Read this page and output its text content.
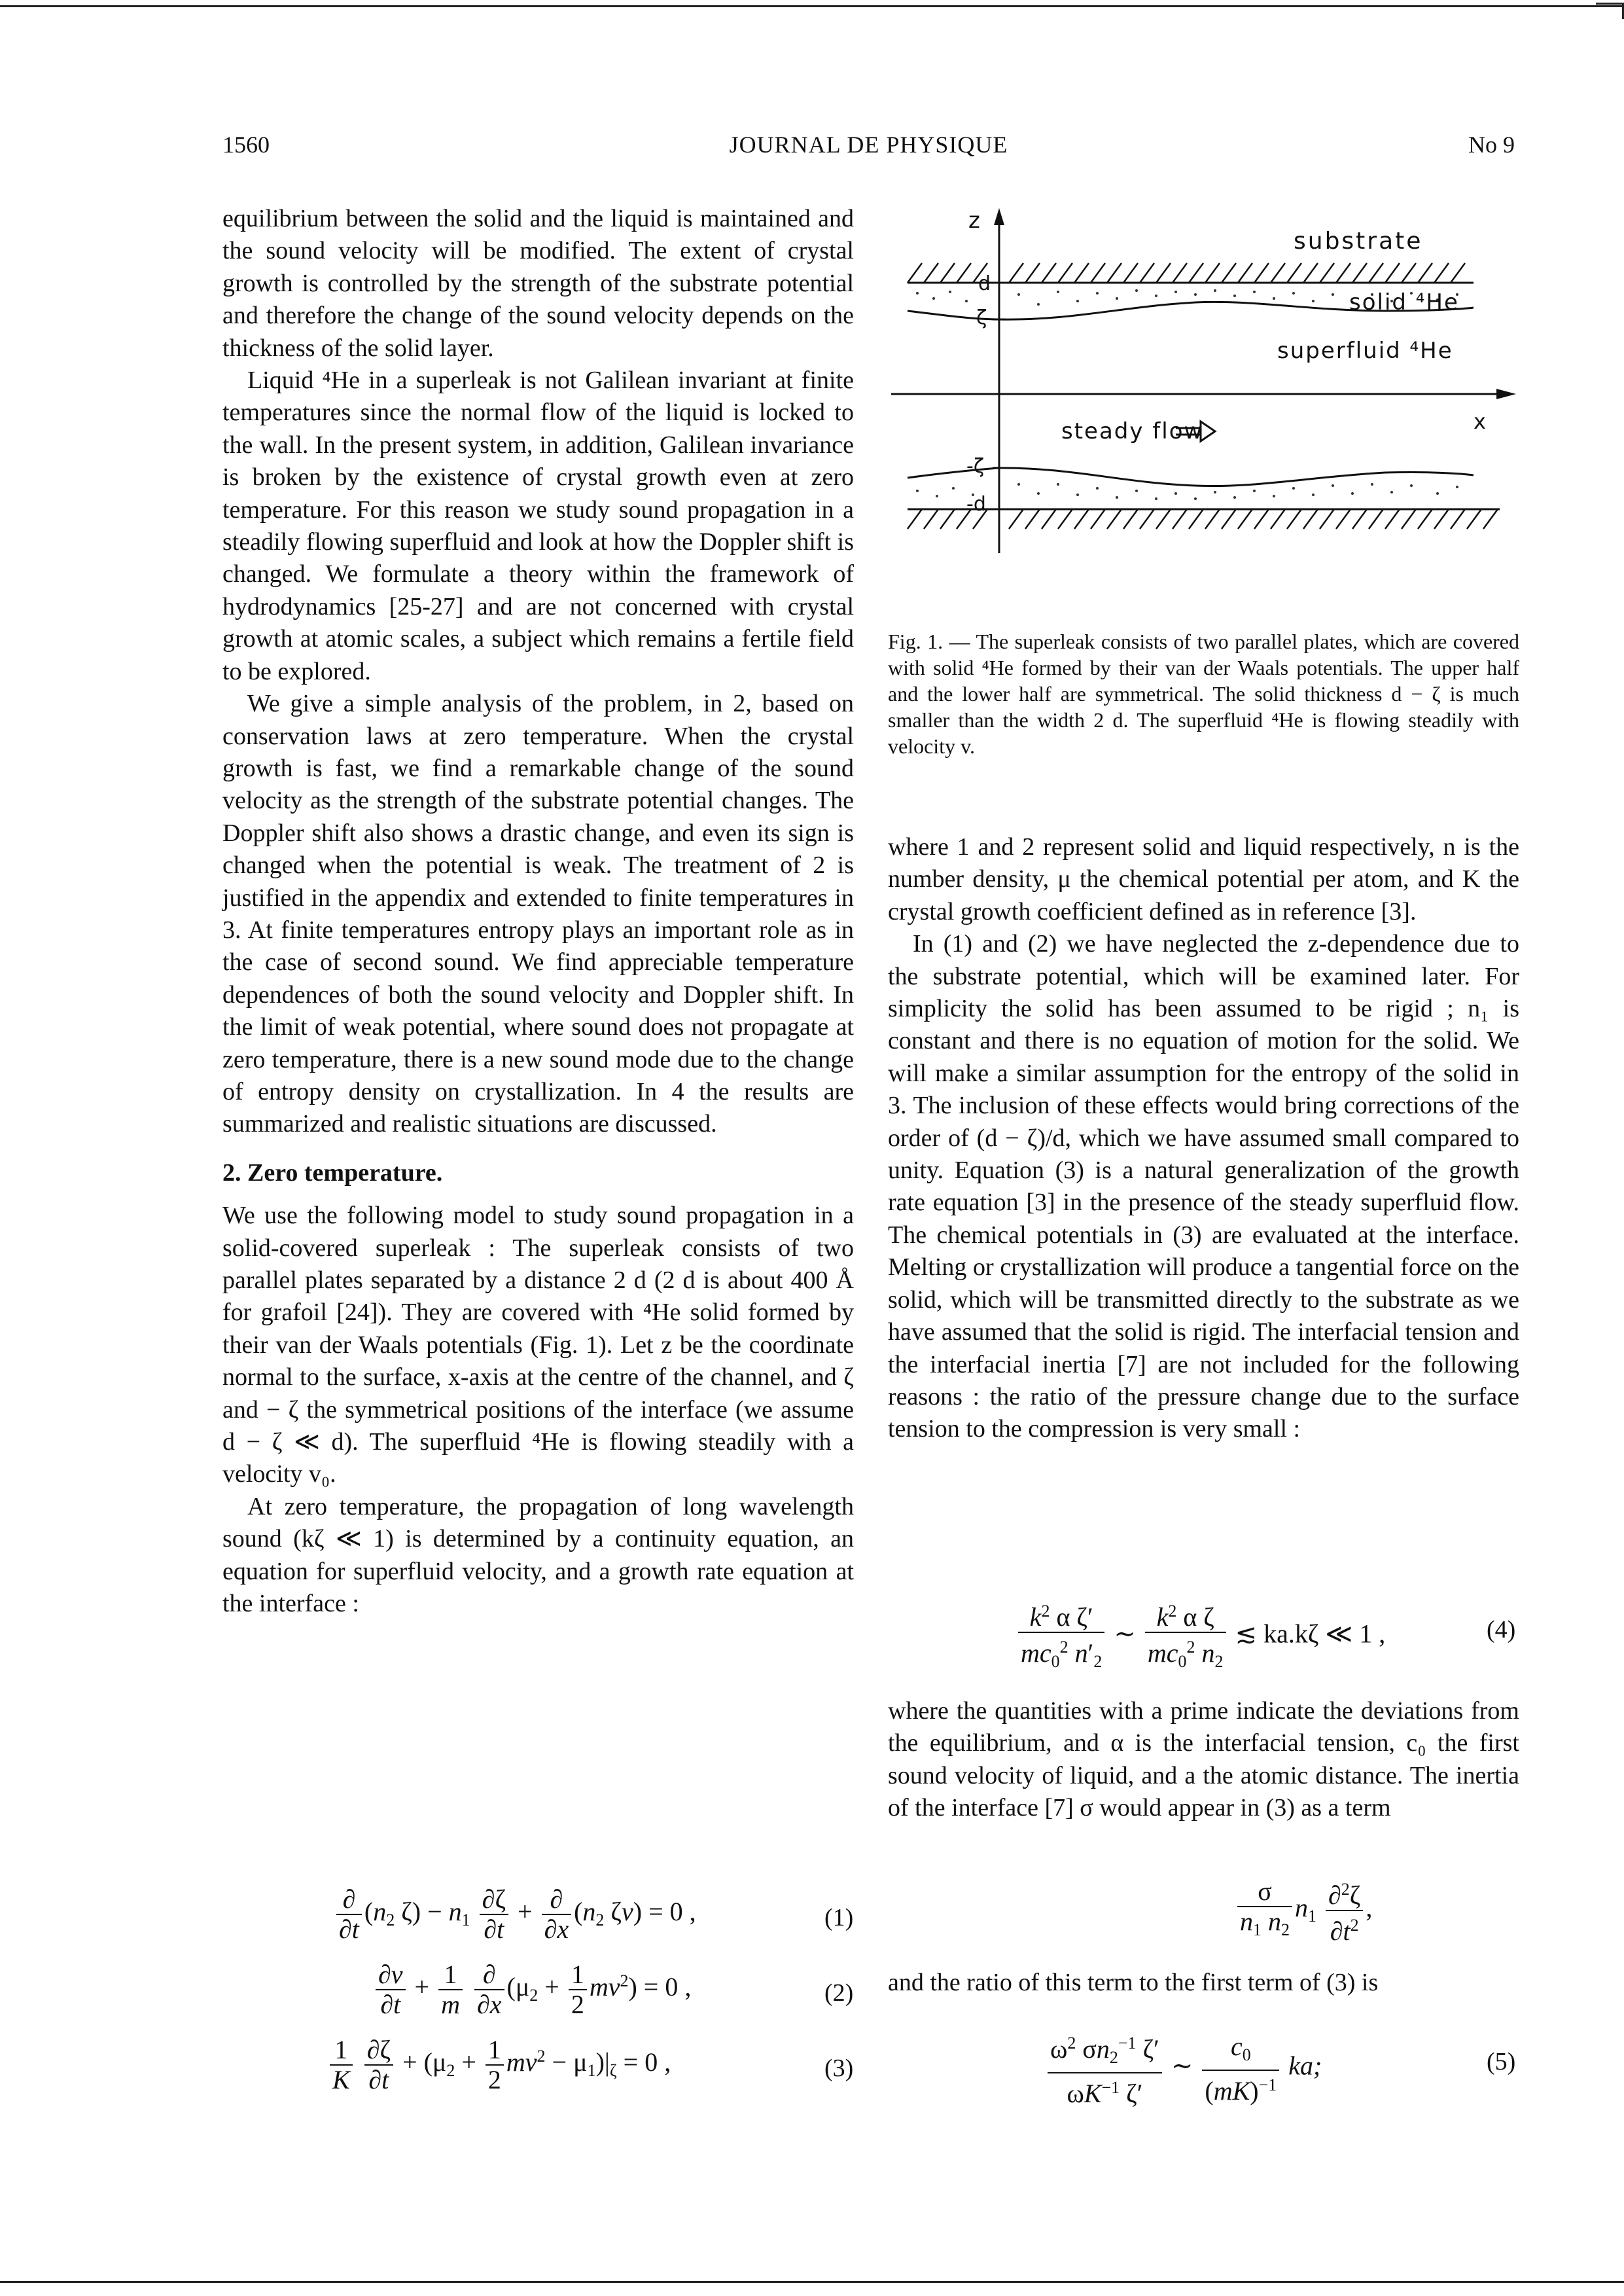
1560	JOURNAL DE PHYSIQUE	No 9

equilibrium between the solid and the liquid is maintained and the sound velocity will be modified. The extent of crystal growth is controlled by the strength of the substrate potential and therefore the change of the sound velocity depends on the thickness of the solid layer.

Liquid ⁴He in a superleak is not Galilean invariant at finite temperatures since the normal flow of the liquid is locked to the wall. In the present system, in addition, Galilean invariance is broken by the existence of crystal growth even at zero temperature. For this reason we study sound propagation in a steadily flowing superfluid and look at how the Doppler shift is changed. We formulate a theory within the framework of hydrodynamics [25-27] and are not concerned with crystal growth at atomic scales, a subject which remains a fertile field to be explored.

We give a simple analysis of the problem, in 2, based on conservation laws at zero temperature. When the crystal growth is fast, we find a remarkable change of the sound velocity as the strength of the substrate potential changes. The Doppler shift also shows a drastic change, and even its sign is changed when the potential is weak. The treatment of 2 is justified in the appendix and extended to finite temperatures in 3. At finite temperatures entropy plays an important role as in the case of second sound. We find appreciable temperature dependences of both the sound velocity and Doppler shift. In the limit of weak potential, where sound does not propagate at zero temperature, there is a new sound mode due to the change of entropy density on crystallization. In 4 the results are summarized and realistic situations are discussed.

2. Zero temperature.

We use the following model to study sound propagation in a solid-covered superleak : The superleak consists of two parallel plates separated by a distance 2 d (2 d is about 400 Å for grafoil [24]). They are covered with ⁴He solid formed by their van der Waals potentials (Fig. 1). Let z be the coordinate normal to the surface, x-axis at the centre of the channel, and ζ and − ζ the symmetrical positions of the interface (we assume d − ζ ≪ d). The superfluid ⁴He is flowing steadily with a velocity v₀.

At zero temperature, the propagation of long wavelength sound (kζ ≪ 1) is determined by a continuity equation, an equation for superfluid velocity, and a growth rate equation at the interface :

$\frac{\partial}{\partial t} (n_2$ $\zeta) - n_1 \frac{\partial\zeta}{\partial t} + \frac{\partial}{\partial x} (n_2$ ζv) = 0 ,	(1)
$\frac{\partial v}{\partial t} + \frac{1}{m}$
$\frac{\partial}{\partial x} (\mu_2 + \frac{1}{2} mv^2) = 0$ ,	(2)
$\frac{1}{K}$
$\frac{\partial\zeta}{\partial t} + (\mu_2 + \frac{1}{2} mv^2 - \mu_1)|_\zeta = 0$ ,	(3)
z
x
substrate
solid ⁴He
superfluid ⁴He
steady flow
d
ζ
-ζ
-d
Fig. 1. — The superleak consists of two parallel plates, which are covered with solid ⁴He formed by their van der Waals potentials. The upper half and the lower half are symmetrical. The solid thickness d − ζ is much smaller than the width 2 d. The superfluid ⁴He is flowing steadily with velocity v.

where 1 and 2 represent solid and liquid respectively, n is the number density, μ the chemical potential per atom, and K the crystal growth coefficient defined as in reference [3].

In (1) and (2) we have neglected the z-dependence due to the substrate potential, which will be examined later. For simplicity the solid has been assumed to be rigid ; n₁ is constant and there is no equation of motion for the solid. We will make a similar assumption for the entropy of the solid in 3. The inclusion of these effects would bring corrections of the order of (d − ζ)/d, which we have assumed small compared to unity. Equation (3) is a natural generalization of the growth rate equation [3] in the presence of the steady superfluid flow. The chemical potentials in (3) are evaluated at the interface. Melting or crystallization will produce a tangential force on the solid, which will be transmitted directly to the substrate as we have assumed that the solid is rigid. The interfacial tension and the interfacial inertia [7] are not included for the following reasons : the ratio of the pressure change due to the surface tension to the compression is very small :

$\frac{k^2 \alpha \zeta'}{mc_0^2 n'_2}$ ∼ $\frac{k^2 \alpha \zeta}{mc_0^2 n_2}$ ≲ ka.kζ ≪ 1 ,	(4)

where the quantities with a prime indicate the deviations from the equilibrium, and α is the interfacial tension, c₀ the first sound velocity of liquid, and a the atomic distance. The inertia of the interface [7] σ would appear in (3) as a term

$\frac{\sigma}{n_1 n_2} n_1 \frac{\partial^2\zeta}{\partial t^2}$ ,

and the ratio of this term to the first term of (3) is

$\frac{\omega^2 \sigma n_2^{-1} \zeta'}{\omega K^{-1} \zeta'}$ ∼ $\frac{c_0}{(mK)^{-1}}$ ka;	(5)
